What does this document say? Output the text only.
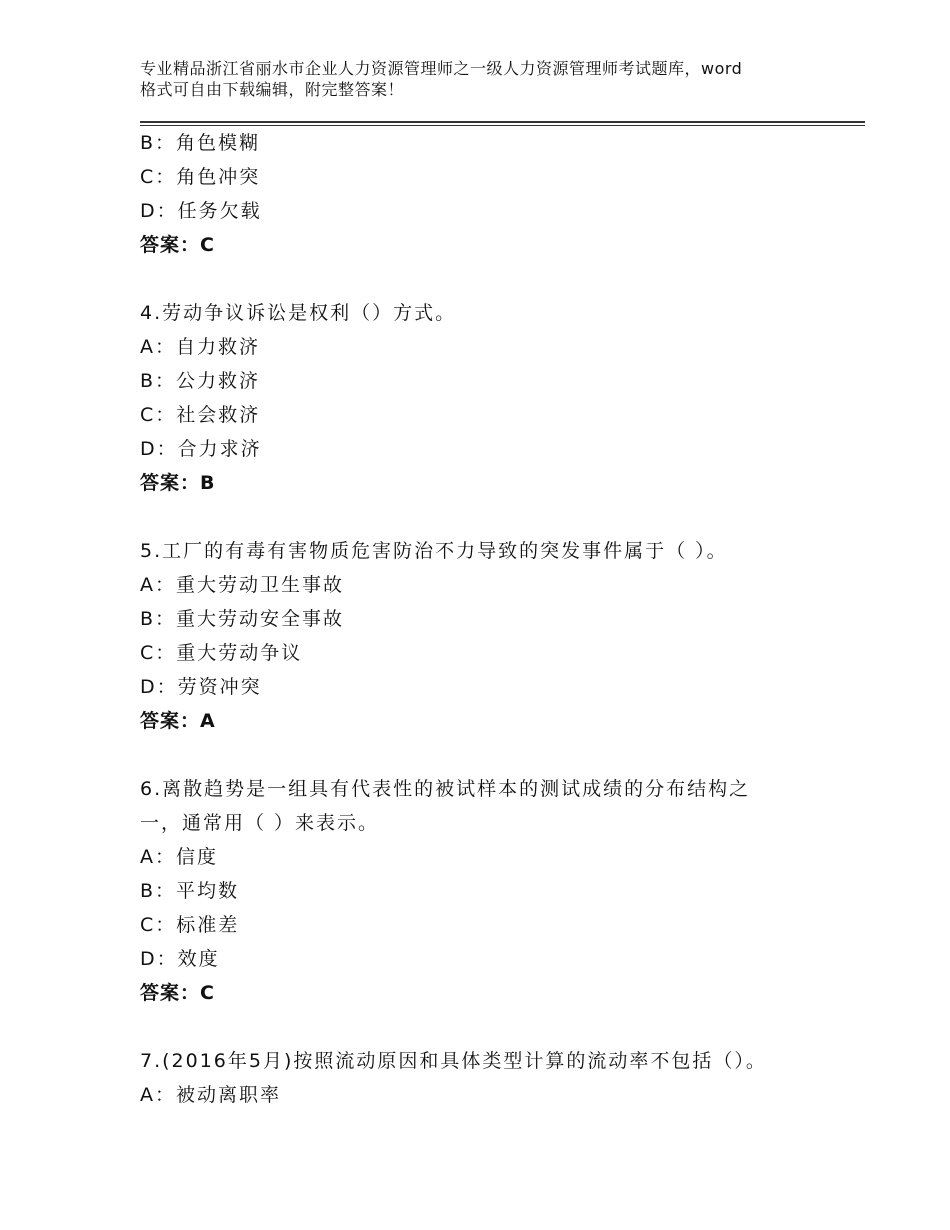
专业精品浙江省丽水市企业人力资源管理师之一级人力资源管理师考试题库，word
格式可自由下载编辑，附完整答案！
B：角色模糊
C：角色冲突
D：任务欠载
答案：C
4.劳动争议诉讼是权利（）方式。
A：自力救济
B：公力救济
C：社会救济
D：合力求济
答案：B
5.工厂的有毒有害物质危害防治不力导致的突发事件属于（ ）。
A：重大劳动卫生事故
B：重大劳动安全事故
C：重大劳动争议
D：劳资冲突
答案：A
6.离散趋势是一组具有代表性的被试样本的测试成绩的分布结构之
一，通常用（ ）来表示。
A：信度
B：平均数
C：标准差
D：效度
答案：C
7.(2016年5月)按照流动原因和具体类型计算的流动率不包括（）。
A：被动离职率
